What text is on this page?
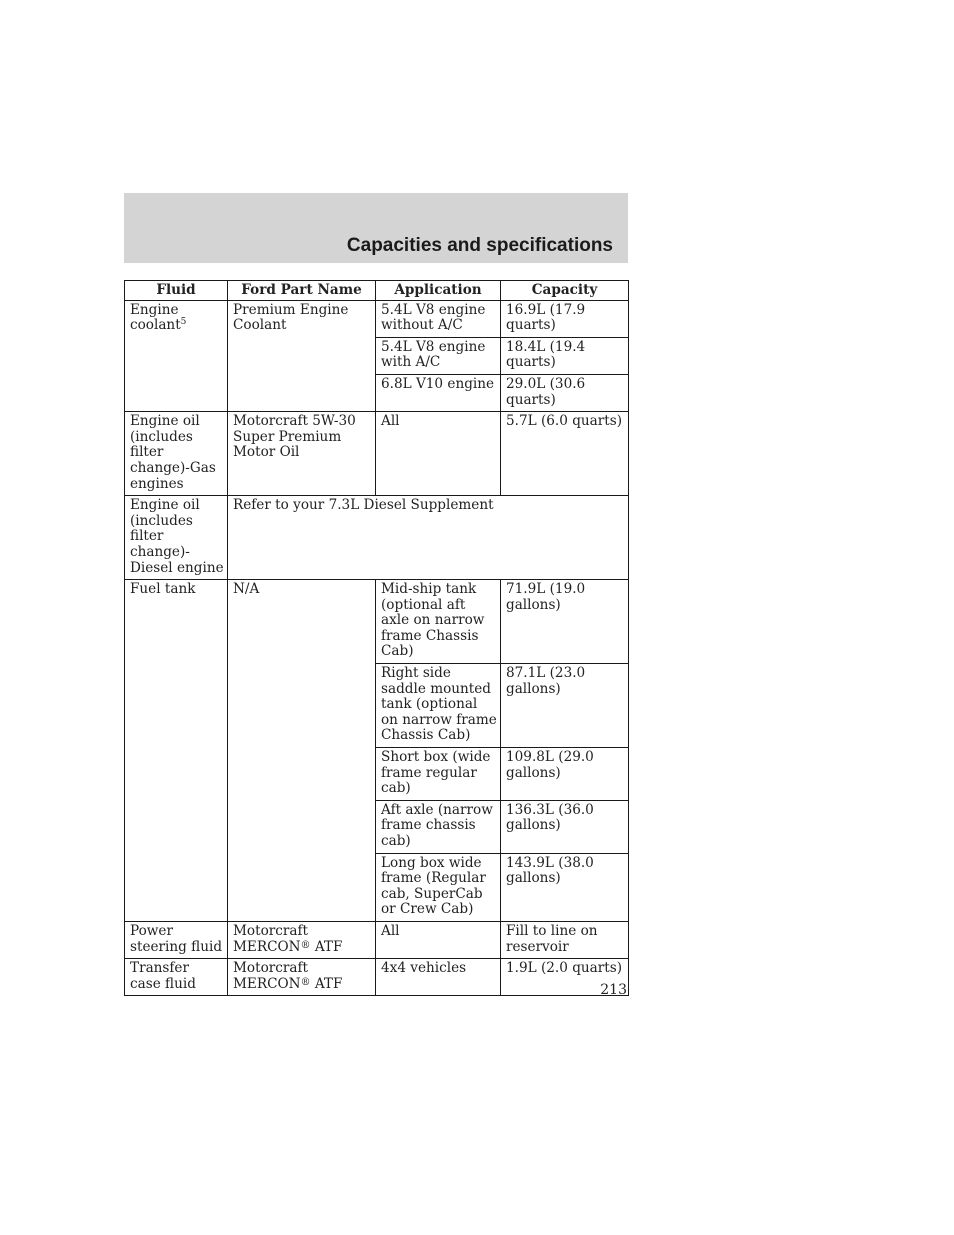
Capacities and specifications
Fluid	Ford Part Name	Application	Capacity
Engine coolant$^5$	Premium Engine Coolant	5.4L V8 engine without A/C	16.9L (17.9 quarts)
		5.4L V8 engine with A/C	18.4L (19.4 quarts)
		6.8L V10 engine	29.0L (30.6 quarts)
Engine oil (includes filter change)-Gas engines	Motorcraft 5W-30 Super Premium Motor Oil	All	5.7L (6.0 quarts)
Engine oil (includes filter change)-Diesel engine	Refer to your 7.3L Diesel Supplement		
Fuel tank	N/A	Mid-ship tank (optional aft axle on narrow frame Chassis Cab)	71.9L (19.0 gallons)
		Right side saddle mounted tank (optional on narrow frame Chassis Cab)	87.1L (23.0 gallons)
		Short box (wide frame regular cab)	109.8L (29.0 gallons)
		Aft axle (narrow frame chassis cab)	136.3L (36.0 gallons)
		Long box wide frame (Regular cab, SuperCab or Crew Cab)	143.9L (38.0 gallons)
Power steering fluid	Motorcraft MERCON® ATF	All	Fill to line on reservoir
Transfer case fluid	Motorcraft MERCON® ATF	4x4 vehicles	1.9L (2.0 quarts)
213
